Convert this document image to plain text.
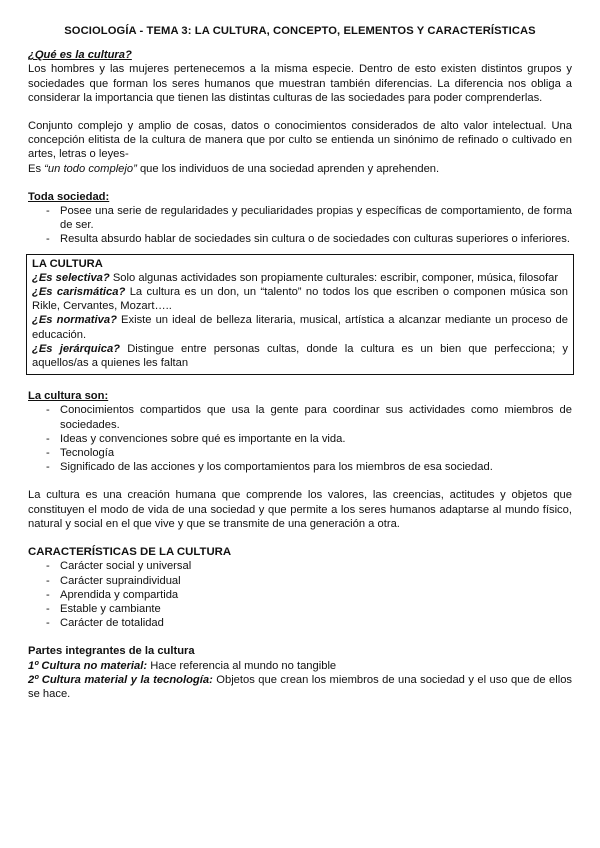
SOCIOLOGÍA - TEMA 3: LA CULTURA, CONCEPTO, ELEMENTOS Y CARACTERÍSTICAS
¿Qué es la cultura?

Los hombres y las mujeres pertenecemos a la misma especie. Dentro de esto existen distintos grupos y sociedades que forman los seres humanos que muestran también diferencias. La diferencia nos obliga a considerar la importancia que tienen las distintas culturas de las sociedades para poder comprenderlas.

Conjunto complejo y amplio de cosas, datos o conocimientos considerados de alto valor intelectual. Una concepción elitista de la cultura de manera que por culto se entienda un sinónimo de refinado o cultivado en artes, letras o leyes-

Es “un todo complejo” que los individuos de una sociedad aprenden y aprehenden.

Toda sociedad:
- Posee una serie de regularidades y peculiaridades propias y específicas de comportamiento, de forma de ser.
- Resulta absurdo hablar de sociedades sin cultura o de sociedades con culturas superiores o inferiores.
LA CULTURA

¿Es selectiva? Solo algunas actividades son propiamente culturales: escribir, componer, música, filosofar

¿Es carismática? La cultura es un don, un “talento” no todos los que escriben o componen música son Rikle, Cervantes, Mozart…..

¿Es normativa? Existe un ideal de belleza literaria, musical, artística a alcanzar mediante un proceso de educación.

¿Es jerárquica? Distingue entre personas cultas, donde la cultura es un bien que perfecciona; y aquellos/as a quienes les faltan

La cultura son:
- Conocimientos compartidos que usa la gente para coordinar sus actividades como miembros de sociedades.
- Ideas y convenciones sobre qué es importante en la vida.
- Tecnología
- Significado de las acciones y los comportamientos para los miembros de esa sociedad.

La cultura es una creación humana que comprende los valores, las creencias, actitudes y objetos que constituyen el modo de vida de una sociedad y que permite a los seres humanos adaptarse al mundo físico, natural y social en el que vive y que se transmite de una generación a otra.

CARACTERÍSTICAS DE LA CULTURA
- Carácter social y universal
- Carácter supraindividual
- Aprendida y compartida
- Estable y cambiante
- Carácter de totalidad
Partes integrantes de la cultura

1º Cultura no material: Hace referencia al mundo no tangible

2º Cultura material y la tecnología: Objetos que crean los miembros de una sociedad y el uso que de ellos se hace.
